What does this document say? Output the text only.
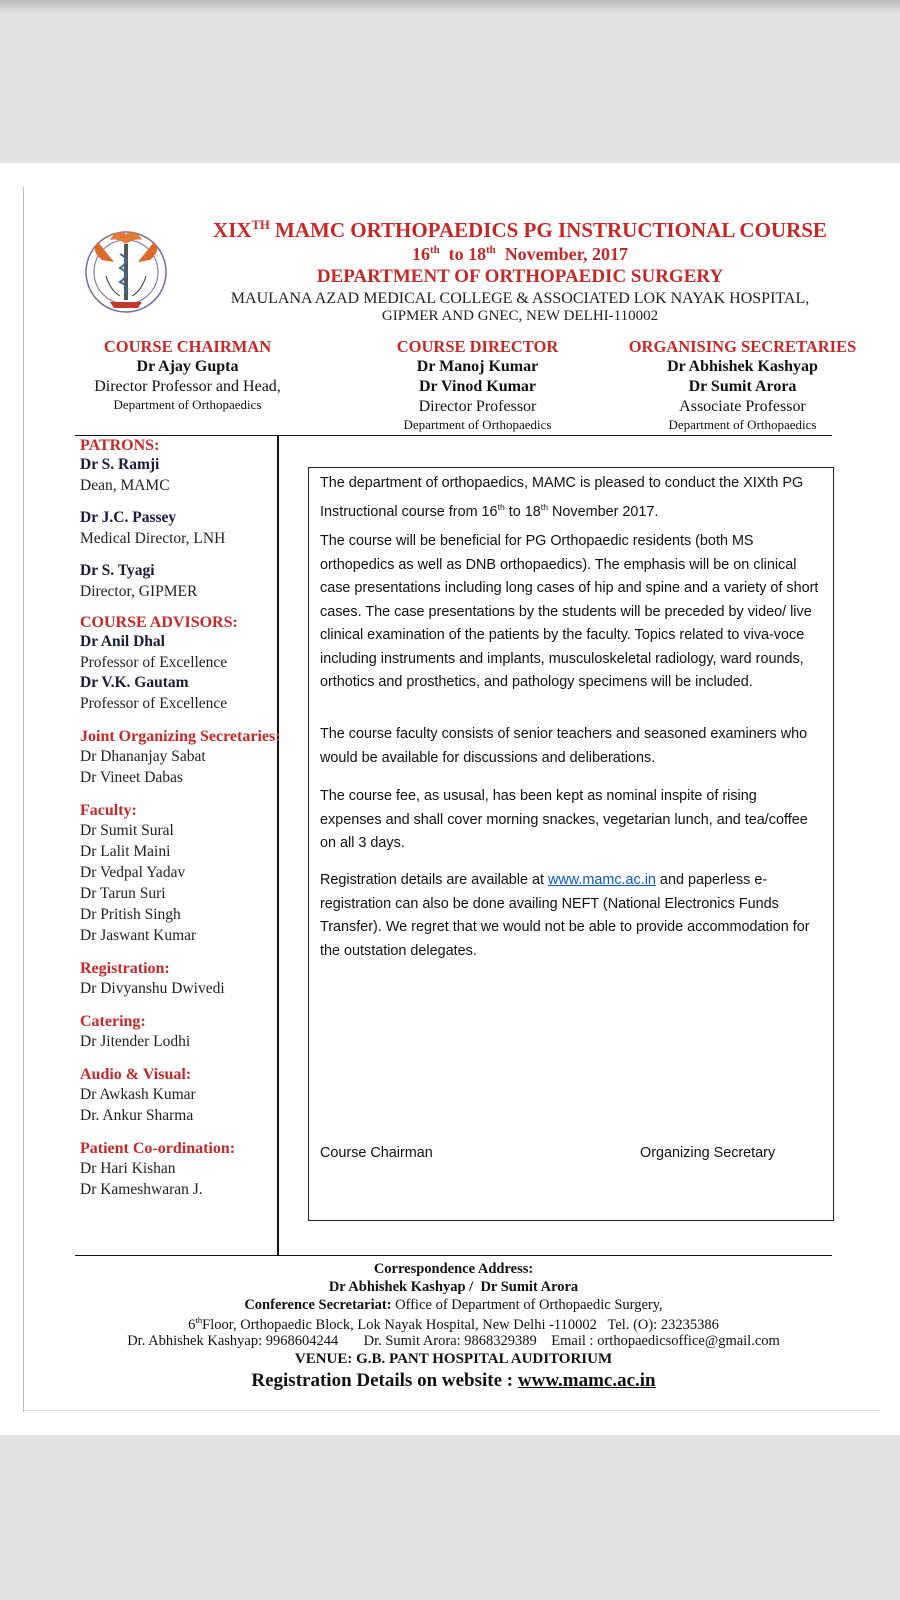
XIXTH MAMC ORTHOPAEDICS PG INSTRUCTIONAL COURSE
16th  to 18th  November, 2017
DEPARTMENT OF ORTHOPAEDIC SURGERY
MAULANA AZAD MEDICAL COLLEGE & ASSOCIATED LOK NAYAK HOSPITAL,
GIPMER AND GNEC, NEW DELHI-110002
COURSE CHAIRMAN
Dr Ajay Gupta
Director Professor and Head,
Department of Orthopaedics
COURSE DIRECTOR
Dr Manoj Kumar
Dr Vinod Kumar
Director Professor
Department of Orthopaedics
ORGANISING SECRETARIES
Dr Abhishek Kashyap
Dr Sumit Arora
Associate Professor
Department of Orthopaedics
PATRONS:
Dr S. Ramji
Dean, MAMC
Dr J.C. Passey
Medical Director, LNH
Dr S. Tyagi
Director, GIPMER
COURSE ADVISORS:
Dr Anil Dhal
Professor of Excellence
Dr V.K. Gautam
Professor of Excellence
Joint Organizing Secretaries:
Dr Dhananjay Sabat
Dr Vineet Dabas
Faculty:
Dr Sumit Sural
Dr Lalit Maini
Dr Vedpal Yadav
Dr Tarun Suri
Dr Pritish Singh
Dr Jaswant Kumar
Registration:
Dr Divyanshu Dwivedi
Catering:
Dr Jitender Lodhi
Audio & Visual:
Dr Awkash Kumar
Dr. Ankur Sharma
Patient Co-ordination:
Dr Hari Kishan
Dr Kameshwaran J.

The department of orthopaedics, MAMC is pleased to conduct the XIXth PG Instructional course from 16th to 18th November 2017.

The course will be beneficial for PG Orthopaedic residents (both MS orthopedics as well as DNB orthopaedics). The emphasis will be on clinical case presentations including long cases of hip and spine and a variety of short cases. The case presentations by the students will be preceded by video/ live clinical examination of the patients by the faculty. Topics related to viva-voce including instruments and implants, musculoskeletal radiology, ward rounds, orthotics and prosthetics, and pathology specimens will be included.

The course faculty consists of senior teachers and seasoned examiners who would be available for discussions and deliberations.

The course fee, as ususal, has been kept as nominal inspite of rising expenses and shall cover morning snackes, vegetarian lunch, and tea/coffee on all 3 days.

Registration details are available at www.mamc.ac.in and paperless e-registration can also be done availing NEFT (National Electronics Funds Transfer). We regret that we would not be able to provide accommodation for the outstation delegates.

Course Chairman	Organizing Secretary
Correspondence Address:
Dr Abhishek Kashyap /  Dr Sumit Arora
Conference Secretariat: Office of Department of Orthopaedic Surgery,
6thFloor, Orthopaedic Block, Lok Nayak Hospital, New Delhi -110002   Tel. (O): 23235386
Dr. Abhishek Kashyap: 9968604244       Dr. Sumit Arora: 9868329389    Email : orthopaedicsoffice@gmail.com
VENUE: G.B. PANT HOSPITAL AUDITORIUM
Registration Details on website : www.mamc.ac.in
